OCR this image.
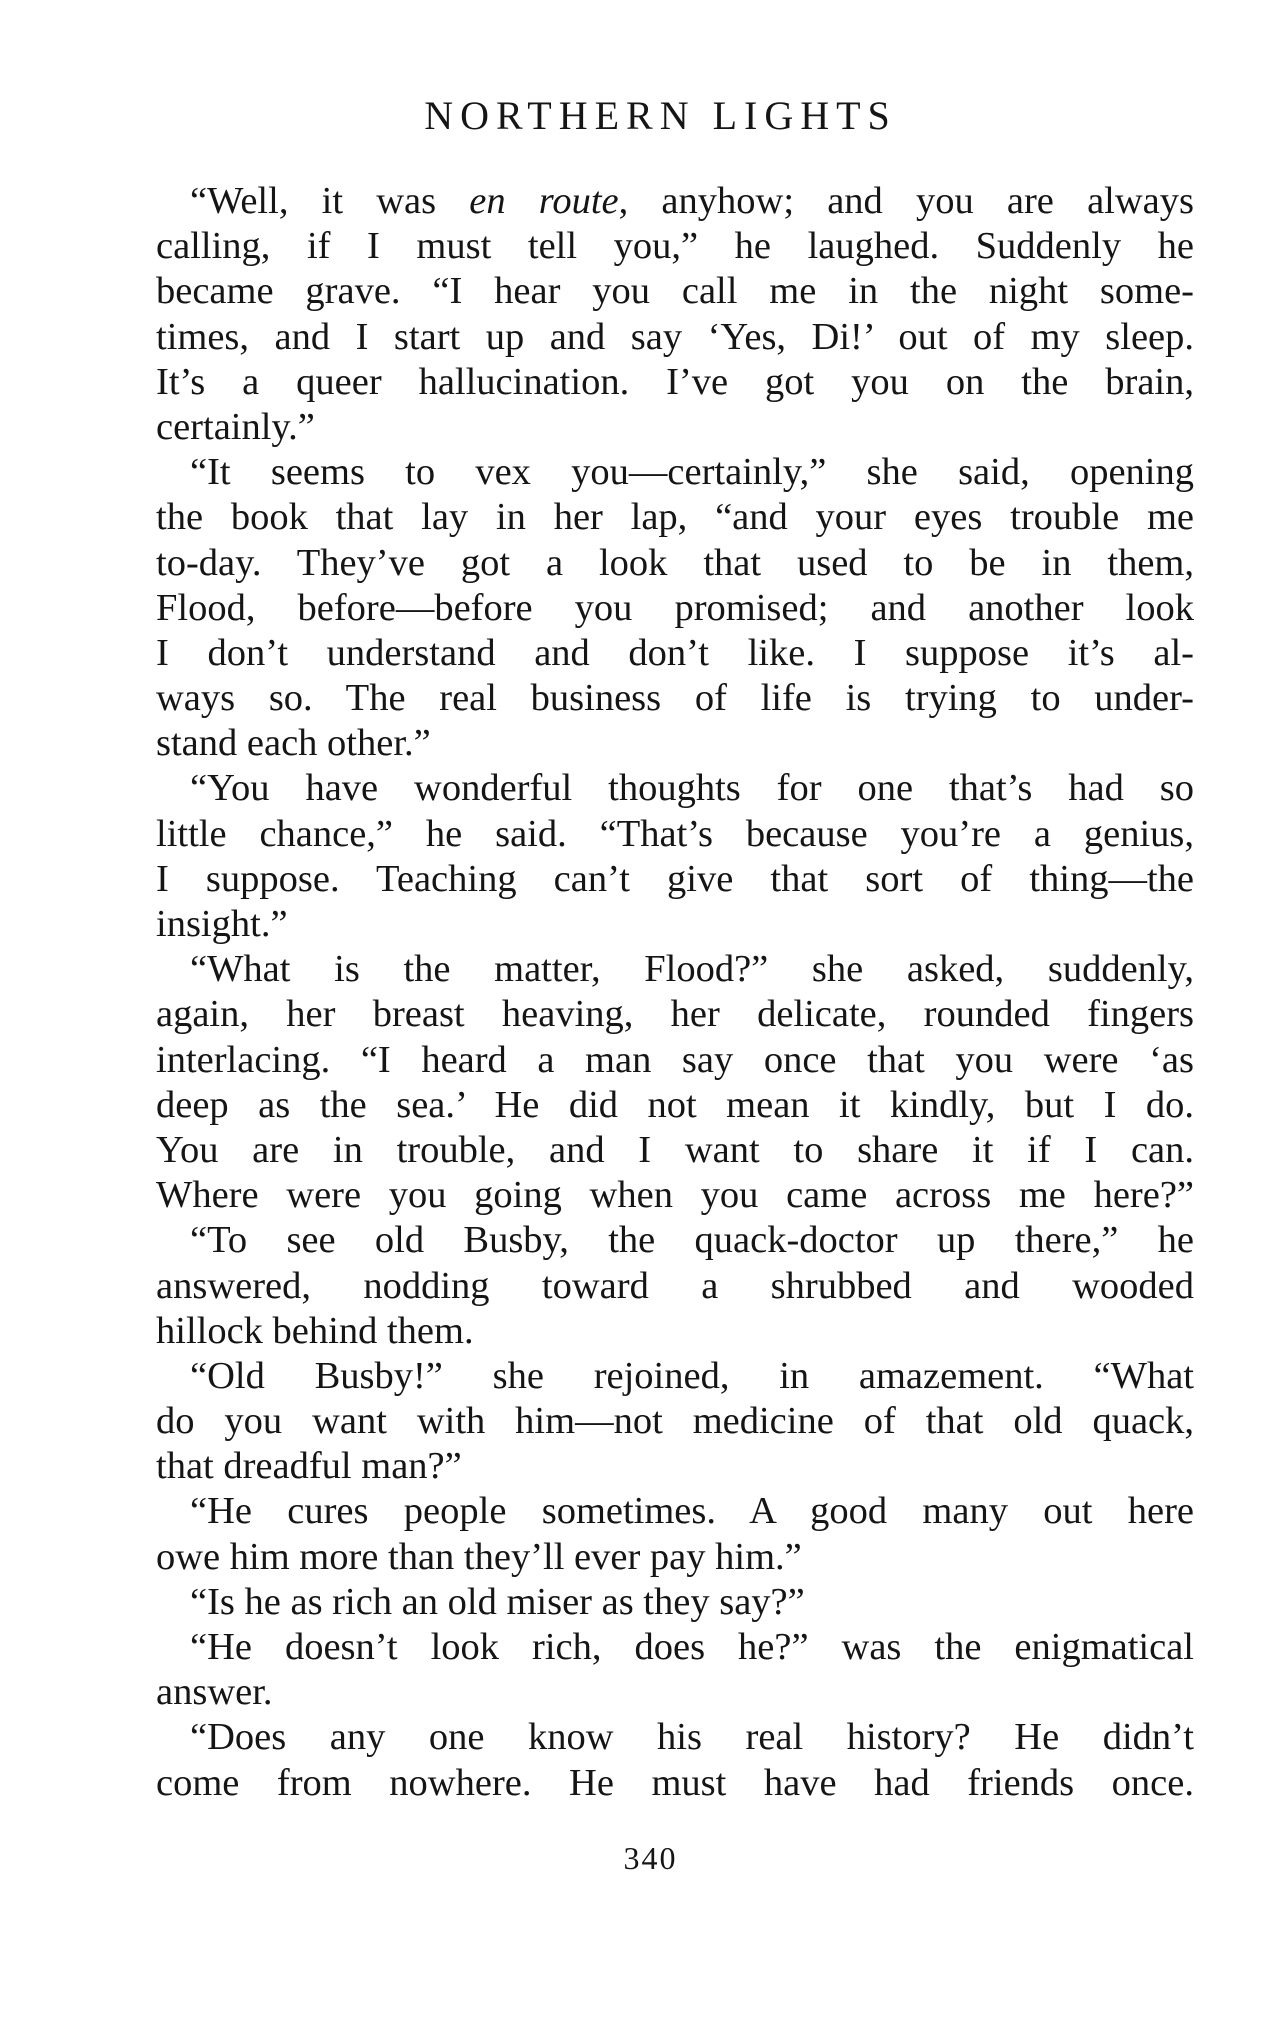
NORTHERN LIGHTS
“Well, it was en route, anyhow; and you are always
calling, if I must tell you,” he laughed. Suddenly he
became grave. “I hear you call me in the night some-
times, and I start up and say ‘Yes, Di!’ out of my sleep.
It’s a queer hallucination. I’ve got you on the brain,
certainly.”
“It seems to vex you—certainly,” she said, opening
the book that lay in her lap, “and your eyes trouble me
to-day. They’ve got a look that used to be in them,
Flood, before—before you promised; and another look
I don’t understand and don’t like. I suppose it’s al-
ways so. The real business of life is trying to under-
stand each other.”
“You have wonderful thoughts for one that’s had so
little chance,” he said. “That’s because you’re a genius,
I suppose. Teaching can’t give that sort of thing—the
insight.”
“What is the matter, Flood?” she asked, suddenly,
again, her breast heaving, her delicate, rounded fingers
interlacing. “I heard a man say once that you were ‘as
deep as the sea.’ He did not mean it kindly, but I do.
You are in trouble, and I want to share it if I can.
Where were you going when you came across me here?”
“To see old Busby, the quack-doctor up there,” he
answered, nodding toward a shrubbed and wooded
hillock behind them.
“Old Busby!” she rejoined, in amazement. “What
do you want with him—not medicine of that old quack,
that dreadful man?”
“He cures people sometimes. A good many out here
owe him more than they’ll ever pay him.”
“Is he as rich an old miser as they say?”
“He doesn’t look rich, does he?” was the enigmatical
answer.
“Does any one know his real history? He didn’t
come from nowhere. He must have had friends once.
340
